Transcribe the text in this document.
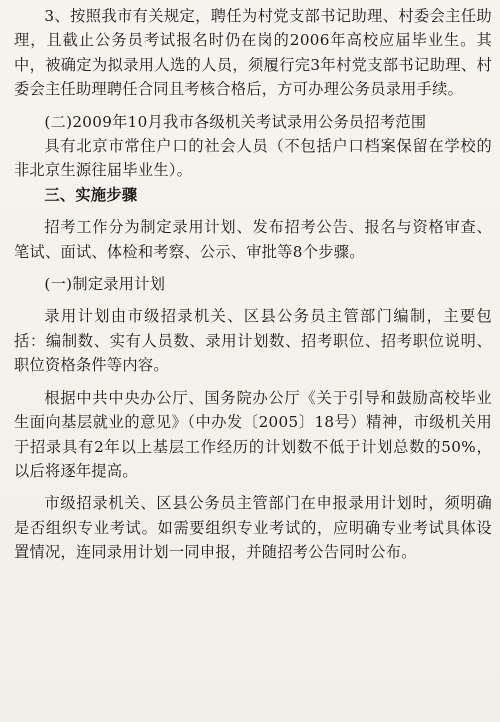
3、按照我市有关规定，聘任为村党支部书记助理、村委会主任助理，且截止公务员考试报名时仍在岗的2006年高校应届毕业生。其中，被确定为拟录用人选的人员，须履行完3年村党支部书记助理、村委会主任助理聘任合同且考核合格后，方可办理公务员录用手续。

(二)2009年10月我市各级机关考试录用公务员招考范围

具有北京市常住户口的社会人员（不包括户口档案保留在学校的非北京生源往届毕业生）。

三、实施步骤

招考工作分为制定录用计划、发布招考公告、报名与资格审查、笔试、面试、体检和考察、公示、审批等8个步骤。

(一)制定录用计划

录用计划由市级招录机关、区县公务员主管部门编制，主要包括：编制数、实有人员数、录用计划数、招考职位、招考职位说明、职位资格条件等内容。

根据中共中央办公厅、国务院办公厅《关于引导和鼓励高校毕业生面向基层就业的意见》（中办发〔2005〕18号）精神，市级机关用于招录具有2年以上基层工作经历的计划数不低于计划总数的50%，以后将逐年提高。

市级招录机关、区县公务员主管部门在申报录用计划时，须明确是否组织专业考试。如需要组织专业考试的，应明确专业考试具体设置情况，连同录用计划一同申报，并随招考公告同时公布。
